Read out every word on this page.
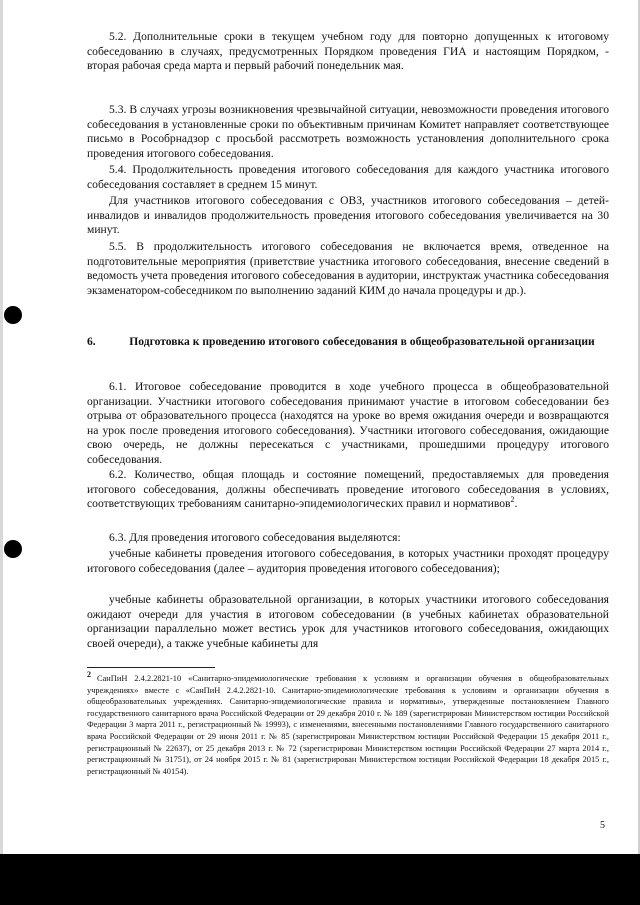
5.2. Дополнительные сроки в текущем учебном году для повторно допущенных к итоговому собеседованию в случаях, предусмотренных Порядком проведения ГИА и настоящим Порядком, - вторая рабочая среда марта и первый рабочий понедельник мая.

5.3. В случаях угрозы возникновения чрезвычайной ситуации, невозможности проведения итогового собеседования в установленные сроки по объективным причинам Комитет направляет соответствующее письмо в Рособрнадзор с просьбой рассмотреть возможность установления дополнительного срока проведения итогового собеседования.

5.4. Продолжительность проведения итогового собеседования для каждого участника итогового собеседования составляет в среднем 15 минут.

Для участников итогового собеседования с ОВЗ, участников итогового собеседования – детей-инвалидов и инвалидов продолжительность проведения итогового собеседования увеличивается на 30 минут.

5.5. В продолжительность итогового собеседования не включается время, отведенное на подготовительные мероприятия (приветствие участника итогового собеседования, внесение сведений в ведомость учета проведения итогового собеседования в аудитории, инструктаж участника собеседования экзаменатором-собеседником по выполнению заданий КИМ до начала процедуры и др.).

6.	Подготовка к проведению итогового собеседования в общеобразовательной организации

6.1. Итоговое собеседование проводится в ходе учебного процесса в общеобразовательной организации. Участники итогового собеседования принимают участие в итоговом собеседовании без отрыва от образовательного процесса (находятся на уроке во время ожидания очереди и возвращаются на урок после проведения итогового собеседования). Участники итогового собеседования, ожидающие свою очередь, не должны пересекаться с участниками, прошедшими процедуру итогового собеседования.

6.2. Количество, общая площадь и состояние помещений, предоставляемых для проведения итогового собеседования, должны обеспечивать проведение итогового собеседования в условиях, соответствующих требованиям санитарно-эпидемиологических правил и нормативов$^2$.

6.3. Для проведения итогового собеседования выделяются:

учебные кабинеты проведения итогового собеседования, в которых участники проходят процедуру итогового собеседования (далее – аудитория проведения итогового собеседования);

учебные кабинеты образовательной организации, в которых участники итогового собеседования ожидают очереди для участия в итоговом собеседовании (в учебных кабинетах образовательной организации параллельно может вестись урок для участников итогового собеседования, ожидающих своей очереди), а также учебные кабинеты для

$^2$ СанПиН 2.4.2.2821-10 «Санитарно-эпидемиологические требования к условиям и организации обучения в общеобразовательных учреждениях» вместе с «СанПиН 2.4.2.2821-10. Санитарно-эпидемиологические требования к условиям и организации обучения в общеобразовательных учреждениях. Санитарно-эпидемиологические правила и нормативы», утвержденные постановлением Главного государственного санитарного врача Российской Федерации от 29 декабря 2010 г. № 189 (зарегистрирован Министерством юстиции Российской Федерации 3 марта 2011 г., регистрационный № 19993), с изменениями, внесенными постановлениями Главного государственного санитарного врача Российской Федерации от 29 июня 2011 г. № 85 (зарегистрирован Министерством юстиции Российской Федерации 15 декабря 2011 г., регистрационный № 22637), от 25 декабря 2013 г. № 72 (зарегистрирован Министерством юстиции Российской Федерации 27 марта 2014 г., регистрационный № 31751), от 24 ноября 2015 г. № 81 (зарегистрирован Министерством юстиции Российской Федерации 18 декабря 2015 г., регистрационный № 40154).

5
